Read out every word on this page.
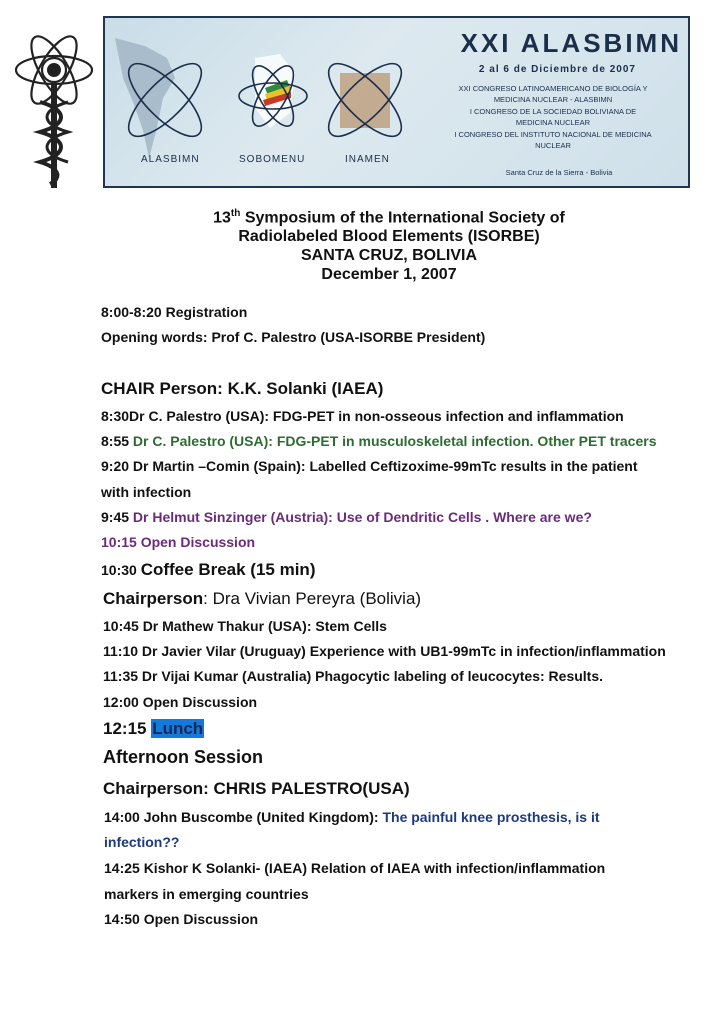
XXI ALASBIMN
2 al 6 de Diciembre de 2007
XXI CONGRESO LATINOAMERICANO DE BIOLOGÍA Y MEDICINA NUCLEAR - ALASBIMN
I CONGRESO DE LA SOCIEDAD BOLIVIANA DE MEDICINA NUCLEAR
I CONGRESO DEL INSTITUTO NACIONAL DE MEDICINA NUCLEAR
Santa Cruz de la Sierra - Bolivia
ALASBIMN	SOBOMENU	INAMEN
13th Symposium of the International Society of
Radiolabeled Blood Elements (ISORBE)
SANTA CRUZ, BOLIVIA
December 1, 2007
8:00-8:20 Registration
Opening words: Prof C. Palestro (USA-ISORBE President)
CHAIR Person: K.K. Solanki (IAEA)
8:30Dr C. Palestro (USA): FDG-PET in non-osseous infection and inflammation
8:55 Dr C. Palestro (USA): FDG-PET in musculoskeletal infection. Other PET tracers
9:20 Dr Martin –Comin (Spain): Labelled Ceftizoxime-99mTc results in the patient
with infection
9:45 Dr Helmut Sinzinger (Austria): Use of Dendritic Cells . Where are we?
10:15 Open Discussion
10:30 Coffee Break (15 min)
Chairperson: Dra Vivian Pereyra (Bolivia)
10:45 Dr Mathew Thakur (USA): Stem Cells
11:10 Dr Javier Vilar (Uruguay) Experience with UB1-99mTc in infection/inflammation
11:35 Dr Vijai Kumar (Australia) Phagocytic labeling of leucocytes: Results.
12:00 Open Discussion
12:15 Lunch
Afternoon Session
Chairperson: CHRIS PALESTRO(USA)
14:00 John Buscombe (United Kingdom): The painful knee prosthesis, is it
infection??
14:25 Kishor K Solanki- (IAEA) Relation of IAEA with infection/inflammation
markers in emerging countries
14:50 Open Discussion
